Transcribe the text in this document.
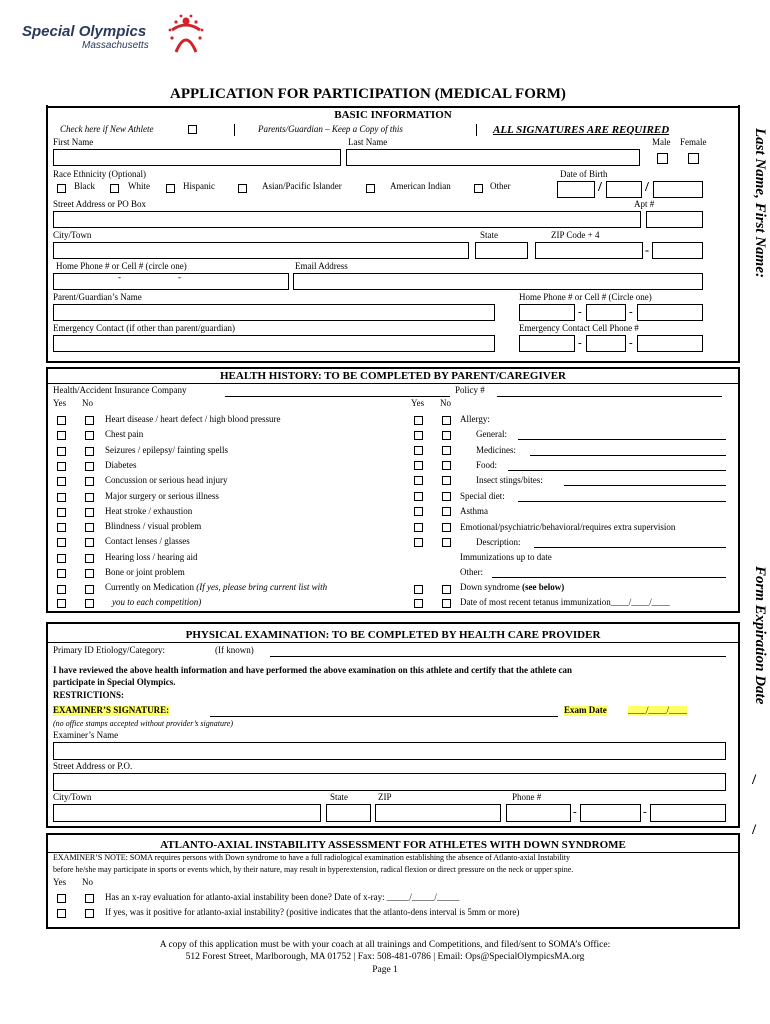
Special Olympics
Massachusetts
APPLICATION FOR PARTICIPATION (MEDICAL FORM)
Last Name, First Name:
Form Expiration Date
/
/
BASIC INFORMATION
Check here if New Athlete	Parents/Guardian – Keep a Copy of this	ALL SIGNATURES ARE REQUIRED
First Name	Last Name	Male Female
Race Ethnicity (Optional)	Date of Birth
Black	White	Hispanic	Asian/Pacific Islander	American Indian	Other	/	/
Street Address or PO Box	Apt #
City/Town	State	ZIP Code + 4
-
Home Phone # or Cell # (circle one)	Email Address
-	-
Parent/Guardian’s Name	Home Phone # or Cell # (Circle one)
-	-
Emergency Contact (if other than parent/guardian)	Emergency Contact Cell Phone #
-	-
HEALTH HISTORY: TO BE COMPLETED BY PARENT/CAREGIVER
Health/Accident Insurance Company	Policy #
Yes No	Yes No
Heart disease / heart defect / high blood pressure
Chest pain
Seizures / epilepsy/ fainting spells
Diabetes
Concussion or serious head injury
Major surgery or serious illness
Heat stroke / exhaustion
Blindness / visual problem
Contact lenses / glasses
Hearing loss / hearing aid
Bone or joint problem
Currently on Medication (If yes, please bring current list with
you to each competition)
Allergy:
General:
Medicines:
Food:
Insect stings/bites:
Special diet:
Asthma
Emotional/psychiatric/behavioral/requires extra supervision
Description:
Immunizations up to date
Other:
Down syndrome (see below)
Date of most recent tetanus immunization____/____/____
PHYSICAL EXAMINATION: TO BE COMPLETED BY HEALTH CARE PROVIDER
Primary ID Etiology/Category:	(If known)
I have reviewed the above health information and have performed the above examination on this athlete and certify that the athlete can
participate in Special Olympics.
RESTRICTIONS:
EXAMINER’S SIGNATURE:	Exam Date ____/____/____
(no office stamps accepted without provider’s signature)
Examiner’s Name
Street Address or P.O.
City/Town	State	ZIP	Phone #
-	-
ATLANTO-AXIAL INSTABILITY ASSESSMENT FOR ATHLETES WITH DOWN SYNDROME
EXAMINER’S NOTE: SOMA requires persons with Down syndrome to have a full radiological examination establishing the absence of Atlanto-axial Instability
before he/she may participate in sports or events which, by their nature, may result in hyperextension, radical flexion or direct pressure on the neck or upper spine.
Yes No
Has an x-ray evaluation for atlanto-axial instability been done? Date of x-ray: _____/_____/_____
If yes, was it positive for atlanto-axial instability? (positive indicates that the atlanto-dens interval is 5mm or more)
A copy of this application must be with your coach at all trainings and Competitions, and filed/sent to SOMA’s Office:
512 Forest Street, Marlborough, MA 01752 | Fax: 508-481-0786 | Email: Ops@SpecialOlympicsMA.org
Page 1
